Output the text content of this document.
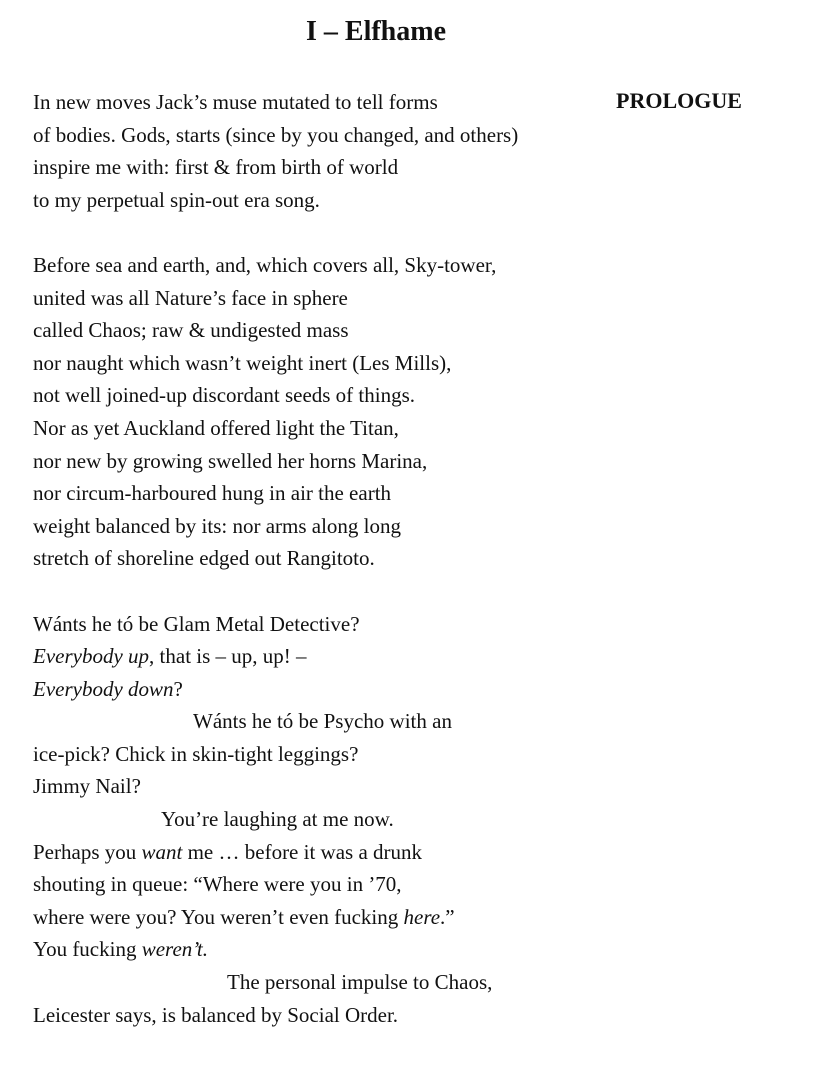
I – Elfhame
PROLOGUE
In new moves Jack’s muse mutated to tell forms
of bodies. Gods, starts (since by you changed, and others)
inspire me with: first & from birth of world
to my perpetual spin-out era song.
Before sea and earth, and, which covers all, Sky-tower,
united was all Nature’s face in sphere
called Chaos; raw & undigested mass
nor naught which wasn’t weight inert (Les Mills),
not well joined-up discordant seeds of things.
Nor as yet Auckland offered light the Titan,
nor new by growing swelled her horns Marina,
nor circum-harboured hung in air the earth
weight balanced by its: nor arms along long
stretch of shoreline edged out Rangitoto.
Wánts he tó be Glam Metal Detective?
Everybody up, that is – up, up! –
Everybody down?
Wánts he tó be Psycho with an
ice-pick? Chick in skin-tight leggings?
Jimmy Nail?
You’re laughing at me now.
Perhaps you want me … before it was a drunk
shouting in queue: “Where were you in ’70,
where were you? You weren’t even fucking here.”
You fucking weren’t.
The personal impulse to Chaos,
Leicester says, is balanced by Social Order.
